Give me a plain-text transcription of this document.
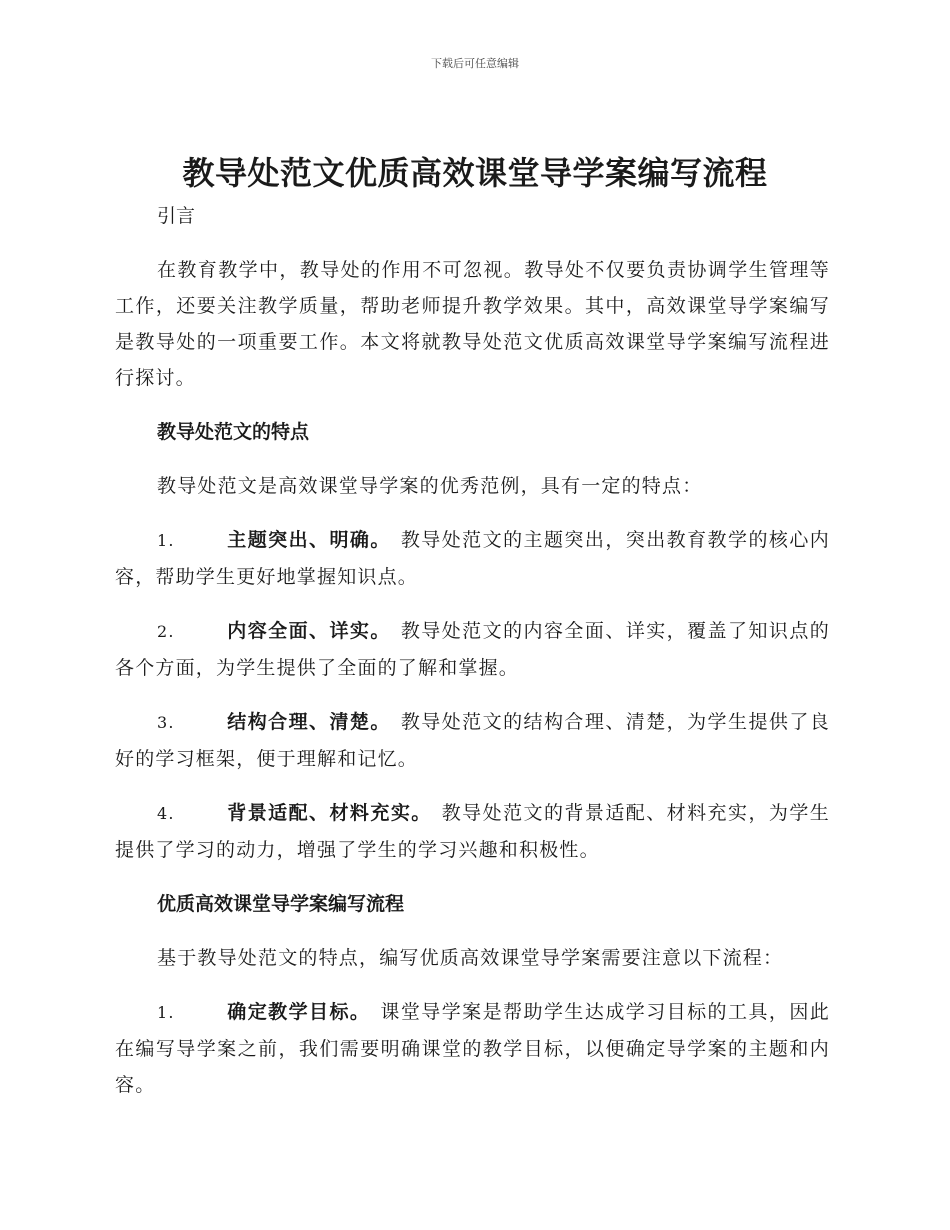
下载后可任意编辑
教导处范文优质高效课堂导学案编写流程
引言

在教育教学中，教导处的作用不可忽视。教导处不仅要负责协调学生管理等工作，还要关注教学质量，帮助老师提升教学效果。其中，高效课堂导学案编写是教导处的一项重要工作。本文将就教导处范文优质高效课堂导学案编写流程进行探讨。

教导处范文的特点

教导处范文是高效课堂导学案的优秀范例，具有一定的特点：

1.	主题突出、明确。 教导处范文的主题突出，突出教育教学的核心内容，帮助学生更好地掌握知识点。

2.	内容全面、详实。 教导处范文的内容全面、详实，覆盖了知识点的各个方面，为学生提供了全面的了解和掌握。

3.	结构合理、清楚。 教导处范文的结构合理、清楚，为学生提供了良好的学习框架，便于理解和记忆。

4.	背景适配、材料充实。 教导处范文的背景适配、材料充实，为学生提供了学习的动力，增强了学生的学习兴趣和积极性。

优质高效课堂导学案编写流程

基于教导处范文的特点，编写优质高效课堂导学案需要注意以下流程：

1.	确定教学目标。 课堂导学案是帮助学生达成学习目标的工具，因此在编写导学案之前，我们需要明确课堂的教学目标，以便确定导学案的主题和内容。
